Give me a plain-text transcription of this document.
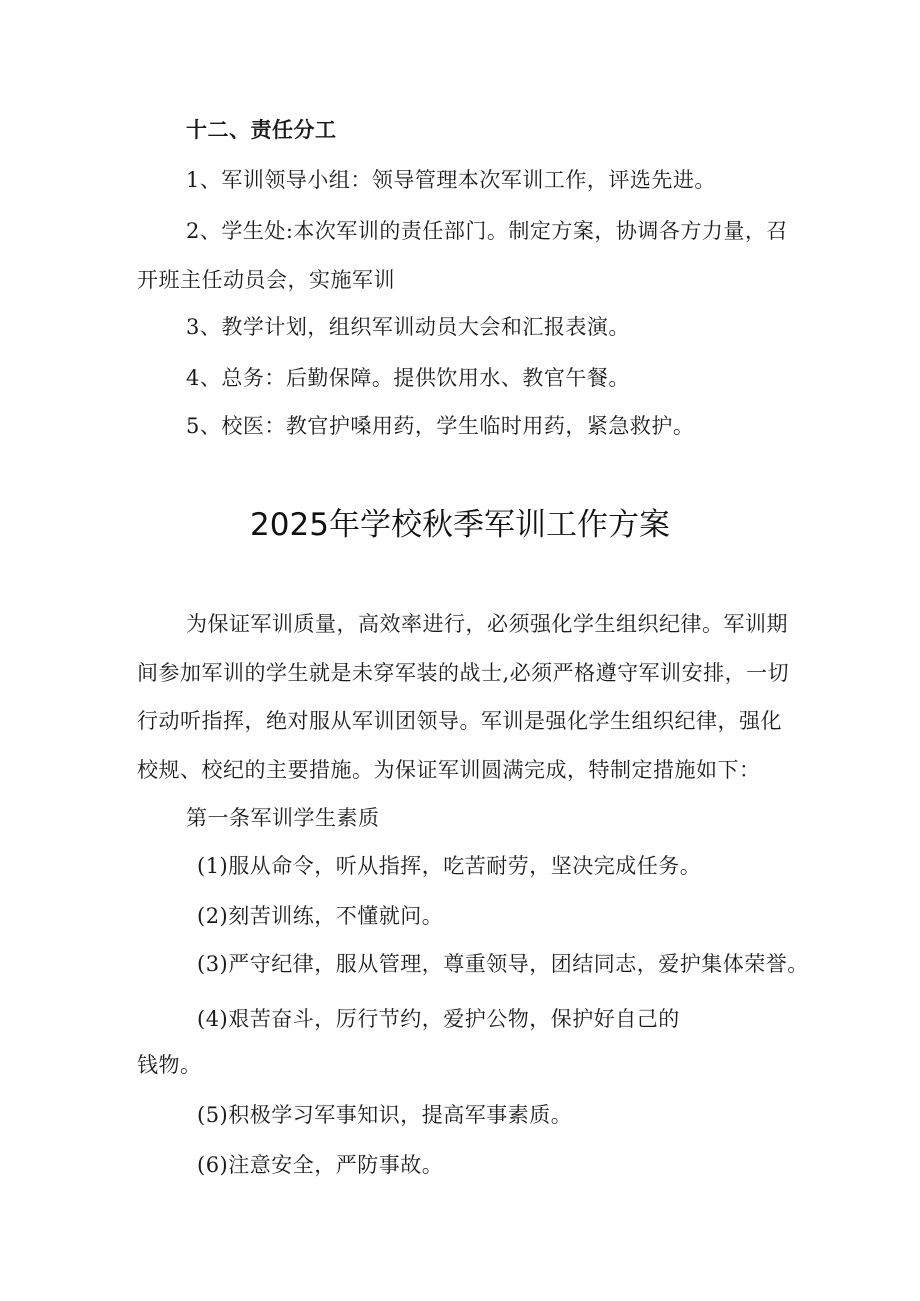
十二、责任分工
1、军训领导小组：领导管理本次军训工作，评选先进。
2、学生处:本次军训的责任部门。制定方案，协调各方力量，召
开班主任动员会，实施军训
3、教学计划，组织军训动员大会和汇报表演。
4、总务：后勤保障。提供饮用水、教官午餐。
5、校医：教官护嗓用药，学生临时用药，紧急救护。
2025年学校秋季军训工作方案
为保证军训质量，高效率进行，必须强化学生组织纪律。军训期
间参加军训的学生就是未穿军装的战士,必须严格遵守军训安排，一切
行动听指挥，绝对服从军训团领导。军训是强化学生组织纪律，强化
校规、校纪的主要措施。为保证军训圆满完成，特制定措施如下：
第一条军训学生素质
(1)服从命令，听从指挥，吃苦耐劳，坚决完成任务。
(2)刻苦训练，不懂就问。
(3)严守纪律，服从管理，尊重领导，团结同志，爱护集体荣誉。
(4)艰苦奋斗，厉行节约，爱护公物，保护好自己的
钱物。
(5)积极学习军事知识，提高军事素质。
(6)注意安全，严防事故。
